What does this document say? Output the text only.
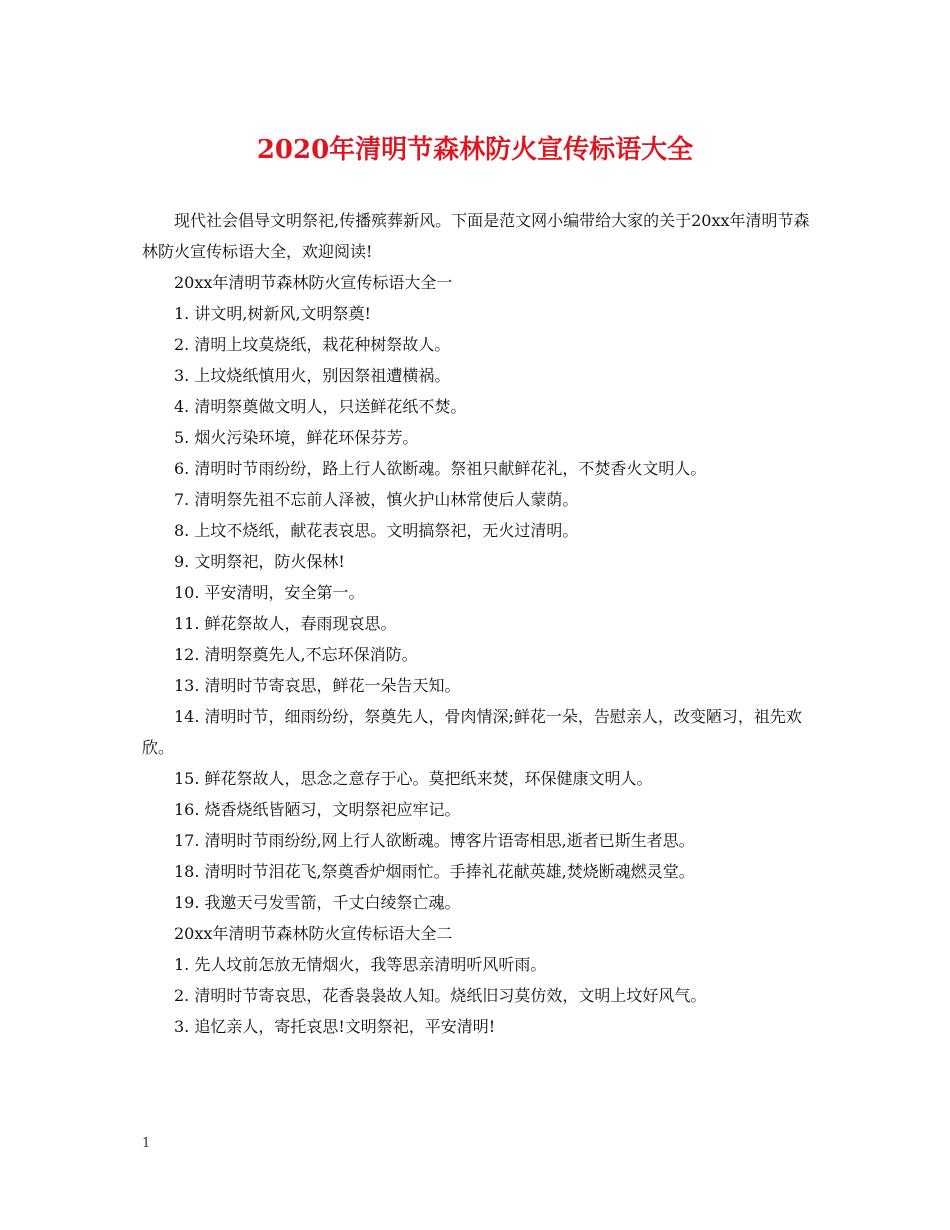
2020年清明节森林防火宣传标语大全

现代社会倡导文明祭祀,传播殡葬新风。下面是范文网小编带给大家的关于20xx年清明节森林防火宣传标语大全，欢迎阅读!

20xx年清明节森林防火宣传标语大全一

1. 讲文明,树新风,文明祭奠!

2. 清明上坟莫烧纸，栽花种树祭故人。

3. 上坟烧纸慎用火，别因祭祖遭横祸。

4. 清明祭奠做文明人，只送鲜花纸不焚。

5. 烟火污染环境，鲜花环保芬芳。

6. 清明时节雨纷纷，路上行人欲断魂。祭祖只献鲜花礼，不焚香火文明人。

7. 清明祭先祖不忘前人泽被，慎火护山林常使后人蒙荫。

8. 上坟不烧纸，献花表哀思。文明搞祭祀，无火过清明。

9. 文明祭祀，防火保林!

10. 平安清明，安全第一。

11. 鲜花祭故人，春雨现哀思。

12. 清明祭奠先人,不忘环保消防。

13. 清明时节寄哀思，鲜花一朵告天知。

14. 清明时节，细雨纷纷，祭奠先人，骨肉情深;鲜花一朵，告慰亲人，改变陋习，祖先欢欣。

15. 鲜花祭故人，思念之意存于心。莫把纸来焚，环保健康文明人。

16. 烧香烧纸皆陋习，文明祭祀应牢记。

17. 清明时节雨纷纷,网上行人欲断魂。博客片语寄相思,逝者已斯生者思。

18. 清明时节泪花飞,祭奠香炉烟雨忙。手捧礼花献英雄,焚烧断魂燃灵堂。

19. 我邀天弓发雪箭，千丈白绫祭亡魂。

20xx年清明节森林防火宣传标语大全二

1. 先人坟前怎放无情烟火，我等思亲清明听风听雨。

2. 清明时节寄哀思，花香袅袅故人知。烧纸旧习莫仿效，文明上坟好风气。

3. 追忆亲人，寄托哀思!文明祭祀，平安清明!

1
